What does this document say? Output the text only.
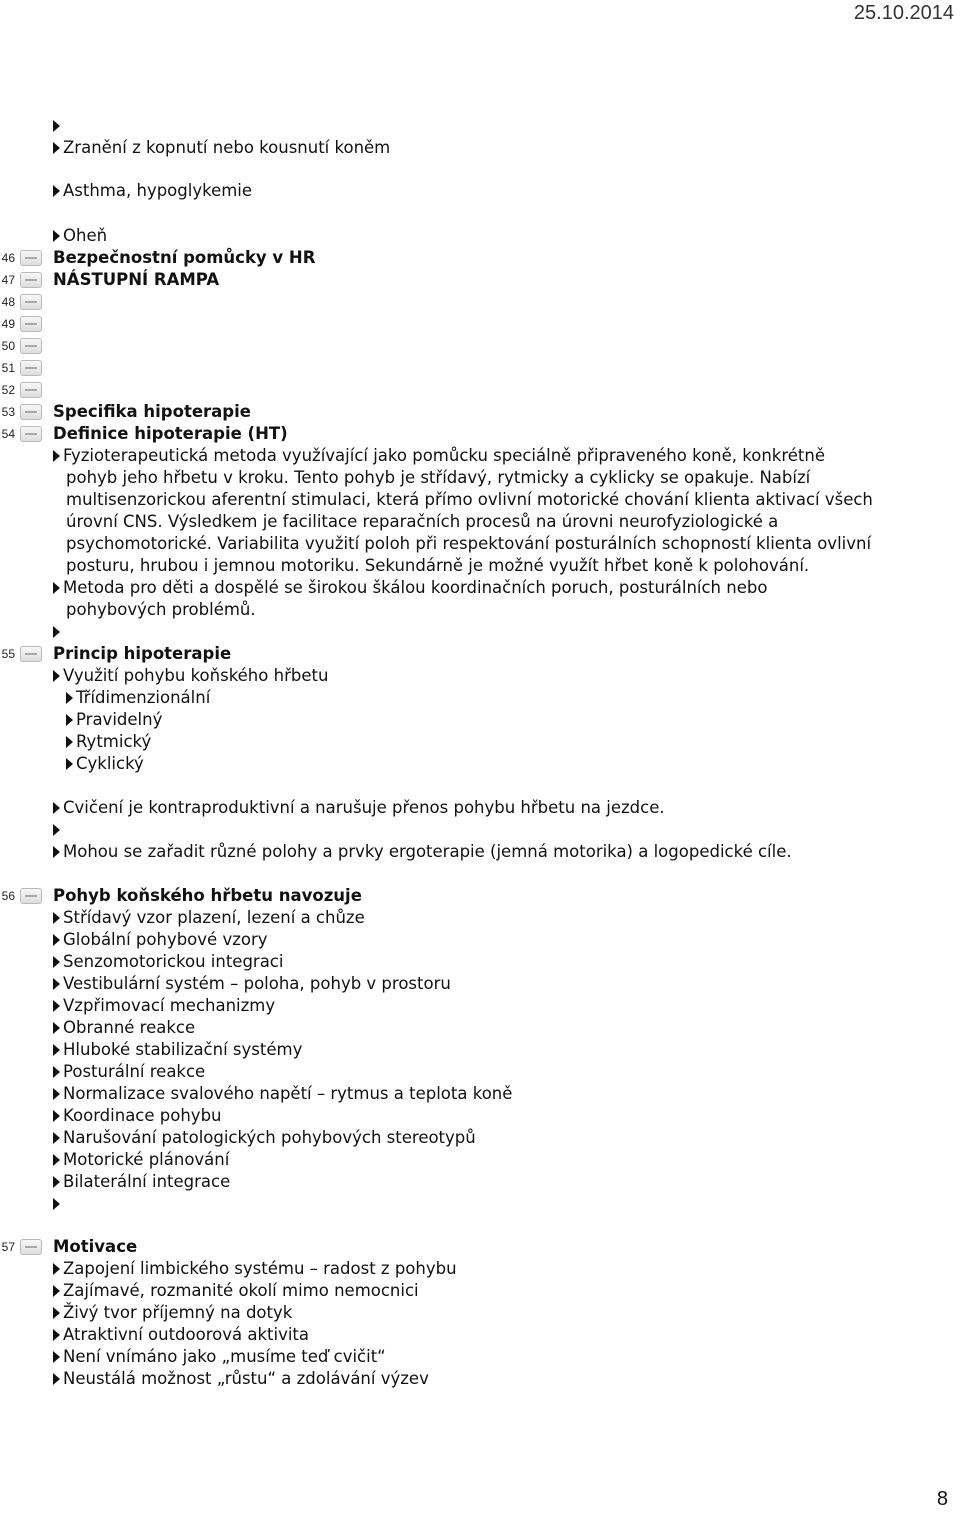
25.10.2014
Zranění z kopnutí nebo kousnutí koněm
Asthma, hypoglykemie
Oheň
46 Bezpečnostní pomůcky v HR
47 NÁSTUPNÍ RAMPA
48
49
50
51
52
53 Specifika hipoterapie
54 Definice hipoterapie (HT)
Fyzioterapeutická metoda využívající jako pomůcku speciálně připraveného koně, konkrétně
pohyb jeho hřbetu v kroku. Tento pohyb je střídavý, rytmicky a cyklicky se opakuje. Nabízí
multisenzorickou aferentní stimulaci, která přímo ovlivní motorické chování klienta aktivací všech
úrovní CNS. Výsledkem je facilitace reparačních procesů na úrovni neurofyziologické a
psychomotorické. Variabilita využití poloh při respektování posturálních schopností klienta ovlivní
posturu, hrubou i jemnou motoriku. Sekundárně je možné využít hřbet koně k polohování.
Metoda pro děti a dospělé se širokou škálou koordinačních poruch, posturálních nebo
pohybových problémů.
55 Princip hipoterapie
Využití pohybu koňského hřbetu
Třídimenzionální
Pravidelný
Rytmický
Cyklický
Cvičení je kontraproduktivní a narušuje přenos pohybu hřbetu na jezdce.
Mohou se zařadit různé polohy a prvky ergoterapie (jemná motorika) a logopedické cíle.
56 Pohyb koňského hřbetu navozuje
Střídavý vzor plazení, lezení a chůze
Globální pohybové vzory
Senzomotorickou integraci
Vestibulární systém – poloha, pohyb v prostoru
Vzpřimovací mechanizmy
Obranné reakce
Hluboké stabilizační systémy
Posturální reakce
Normalizace svalového napětí – rytmus a teplota koně
Koordinace pohybu
Narušování patologických pohybových stereotypů
Motorické plánování
Bilaterální integrace
57 Motivace
Zapojení limbického systému – radost z pohybu
Zajímavé, rozmanité okolí mimo nemocnici
Živý tvor příjemný na dotyk
Atraktivní outdoorová aktivita
Není vnímáno jako „musíme teď cvičit“
Neustálá možnost „růstu“ a zdolávání výzev
8
